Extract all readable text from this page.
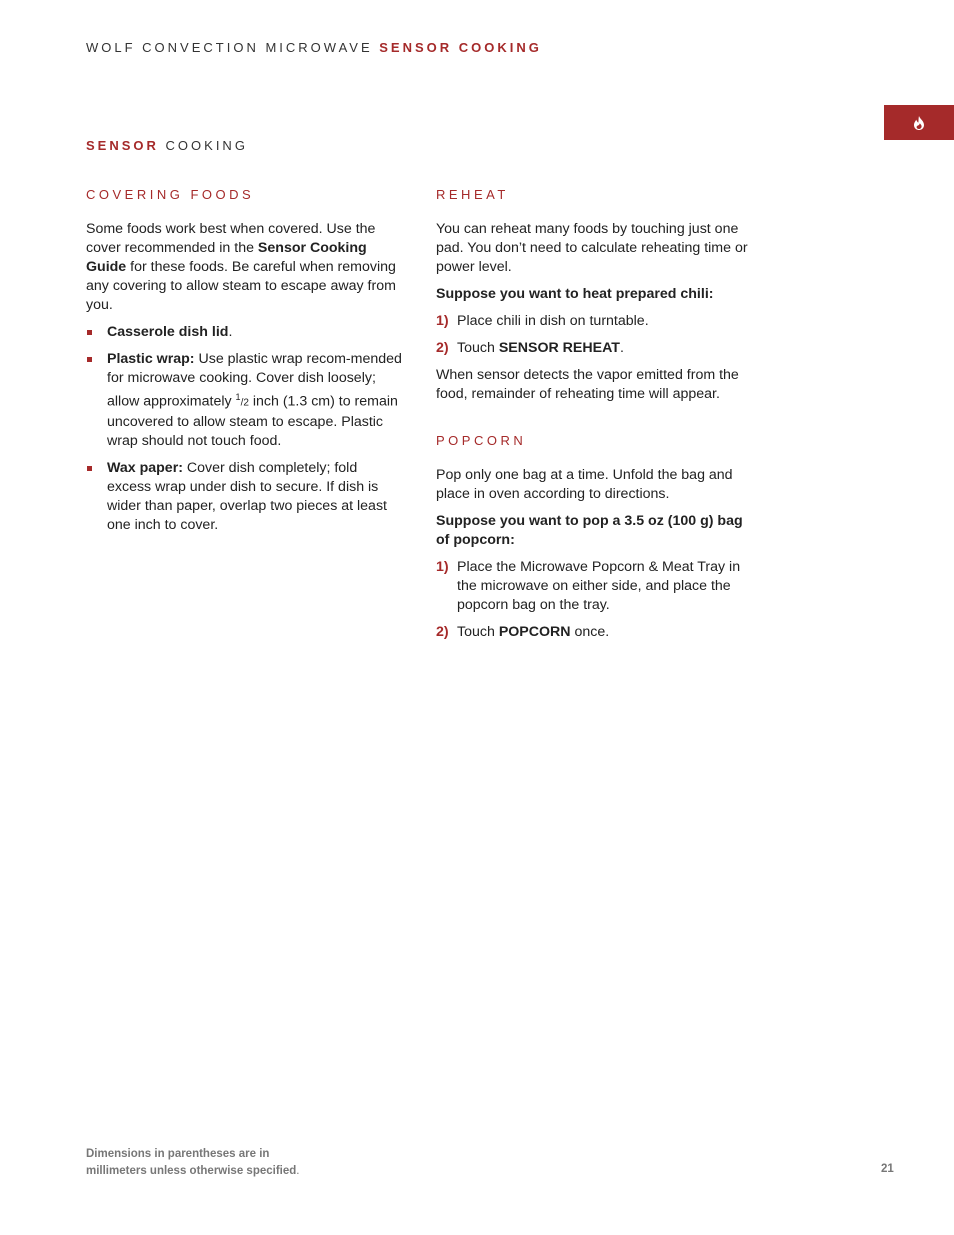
WOLF CONVECTION MICROWAVE SENSOR COOKING
SENSOR COOKING
COVERING FOODS

Some foods work best when covered. Use the cover recommended in the Sensor Cooking Guide for these foods. Be careful when removing any covering to allow steam to escape away from you.

Casserole dish lid.
Plastic wrap: Use plastic wrap recom-mended for microwave cooking. Cover dish loosely; allow approximately $^1$/2 inch (1.3 cm) to remain uncovered to allow steam to escape. Plastic wrap should not touch food.
Wax paper: Cover dish completely; fold excess wrap under dish to secure. If dish is wider than paper, overlap two pieces at least one inch to cover.
REHEAT

You can reheat many foods by touching just one pad. You don’t need to calculate reheating time or power level.

Suppose you want to heat prepared chili:

1) Place chili in dish on turntable.
2) Touch SENSOR REHEAT.

When sensor detects the vapor emitted from the food, remainder of reheating time will appear.

POPCORN

Pop only one bag at a time. Unfold the bag and place in oven according to directions.

Suppose you want to pop a 3.5 oz (100 g) bag of popcorn:

1) Place the Microwave Popcorn & Meat Tray in the microwave on either side, and place the popcorn bag on the tray.
2) Touch POPCORN once.
Dimensions in parentheses are in
millimeters unless otherwise specified.	21
